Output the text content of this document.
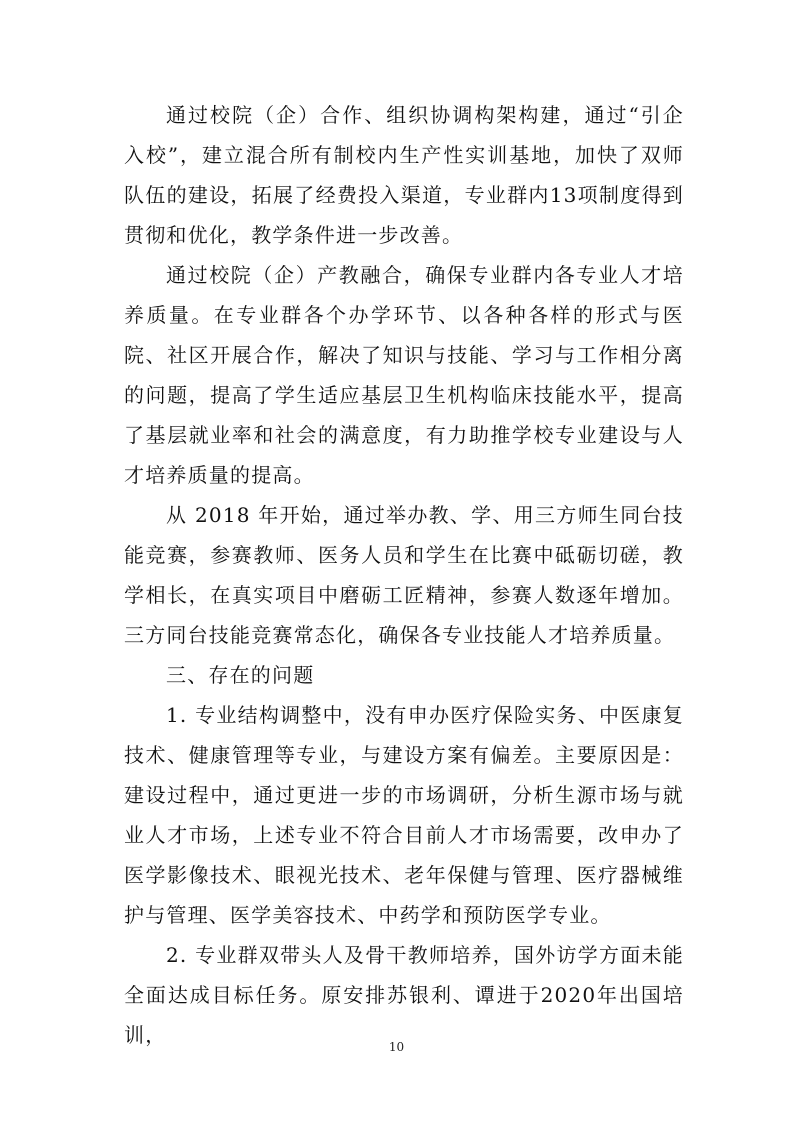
通过校院（企）合作、组织协调构架构建，通过“引企入校”，建立混合所有制校内生产性实训基地，加快了双师队伍的建设，拓展了经费投入渠道，专业群内13项制度得到贯彻和优化，教学条件进一步改善。

通过校院（企）产教融合，确保专业群内各专业人才培养质量。在专业群各个办学环节、以各种各样的形式与医院、社区开展合作，解决了知识与技能、学习与工作相分离的问题，提高了学生适应基层卫生机构临床技能水平，提高了基层就业率和社会的满意度，有力助推学校专业建设与人才培养质量的提高。

从 2018 年开始，通过举办教、学、用三方师生同台技能竞赛，参赛教师、医务人员和学生在比赛中砥砺切磋，教学相长，在真实项目中磨砺工匠精神，参赛人数逐年增加。三方同台技能竞赛常态化，确保各专业技能人才培养质量。

三、存在的问题

1. 专业结构调整中，没有申办医疗保险实务、中医康复技术、健康管理等专业，与建设方案有偏差。主要原因是：建设过程中，通过更进一步的市场调研，分析生源市场与就业人才市场，上述专业不符合目前人才市场需要，改申办了医学影像技术、眼视光技术、老年保健与管理、医疗器械维护与管理、医学美容技术、中药学和预防医学专业。

2. 专业群双带头人及骨干教师培养，国外访学方面未能全面达成目标任务。原安排苏银利、谭进于2020年出国培训，	10
